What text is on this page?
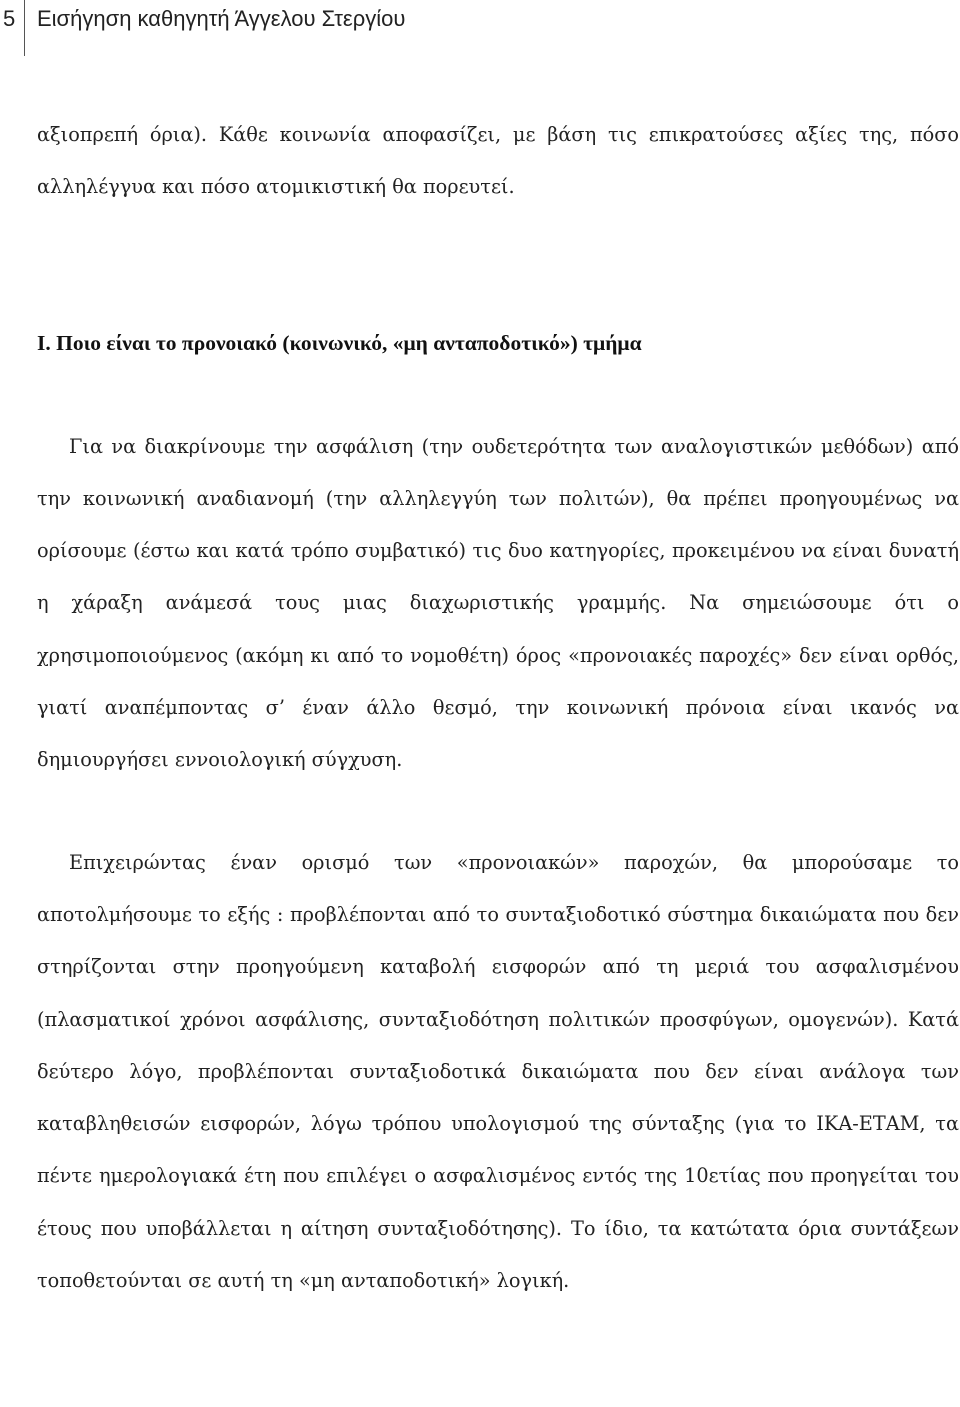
5 Εισήγηση καθηγητή Άγγελου Στεργίου

αξιοπρεπή όρια). Κάθε κοινωνία αποφασίζει, με βάση τις επικρατούσες αξίες της, πόσο αλληλέγγυα και πόσο ατομικιστική θα πορευτεί.

I. Ποιο είναι το προνοιακό (κοινωνικό, «μη ανταποδοτικό») τμήμα

Για να διακρίνουμε την ασφάλιση (την ουδετερότητα των αναλογιστικών μεθόδων) από την κοινωνική αναδιανομή (την αλληλεγγύη των πολιτών), θα πρέπει προηγουμένως να ορίσουμε (έστω και κατά τρόπο συμβατικό) τις δυο κατηγορίες, προκειμένου να είναι δυνατή η χάραξη ανάμεσά τους μιας διαχωριστικής γραμμής. Να σημειώσουμε ότι ο χρησιμοποιούμενος (ακόμη κι από το νομοθέτη) όρος «προνοιακές παροχές» δεν είναι ορθός, γιατί αναπέμποντας σ’ έναν άλλο θεσμό, την κοινωνική πρόνοια είναι ικανός να δημιουργήσει εννοιολογική σύγχυση.

Επιχειρώντας έναν ορισμό των «προνοιακών» παροχών, θα μπορούσαμε το αποτολμήσουμε το εξής : προβλέπονται από το συνταξιοδοτικό σύστημα δικαιώματα που δεν στηρίζονται στην προηγούμενη καταβολή εισφορών από τη μεριά του ασφαλισμένου (πλασματικοί χρόνοι ασφάλισης, συνταξιοδότηση πολιτικών προσφύγων, ομογενών). Κατά δεύτερο λόγο, προβλέπονται συνταξιοδοτικά δικαιώματα που δεν είναι ανάλογα των καταβληθεισών εισφορών, λόγω τρόπου υπολογισμού της σύνταξης (για το ΙΚΑ-ΕΤΑΜ, τα πέντε ημερολογιακά έτη που επιλέγει ο ασφαλισμένος εντός της 10ετίας που προηγείται του έτους που υποβάλλεται η αίτηση συνταξιοδότησης). Το ίδιο, τα κατώτατα όρια συντάξεων τοποθετούνται σε αυτή τη «μη ανταποδοτική» λογική.
